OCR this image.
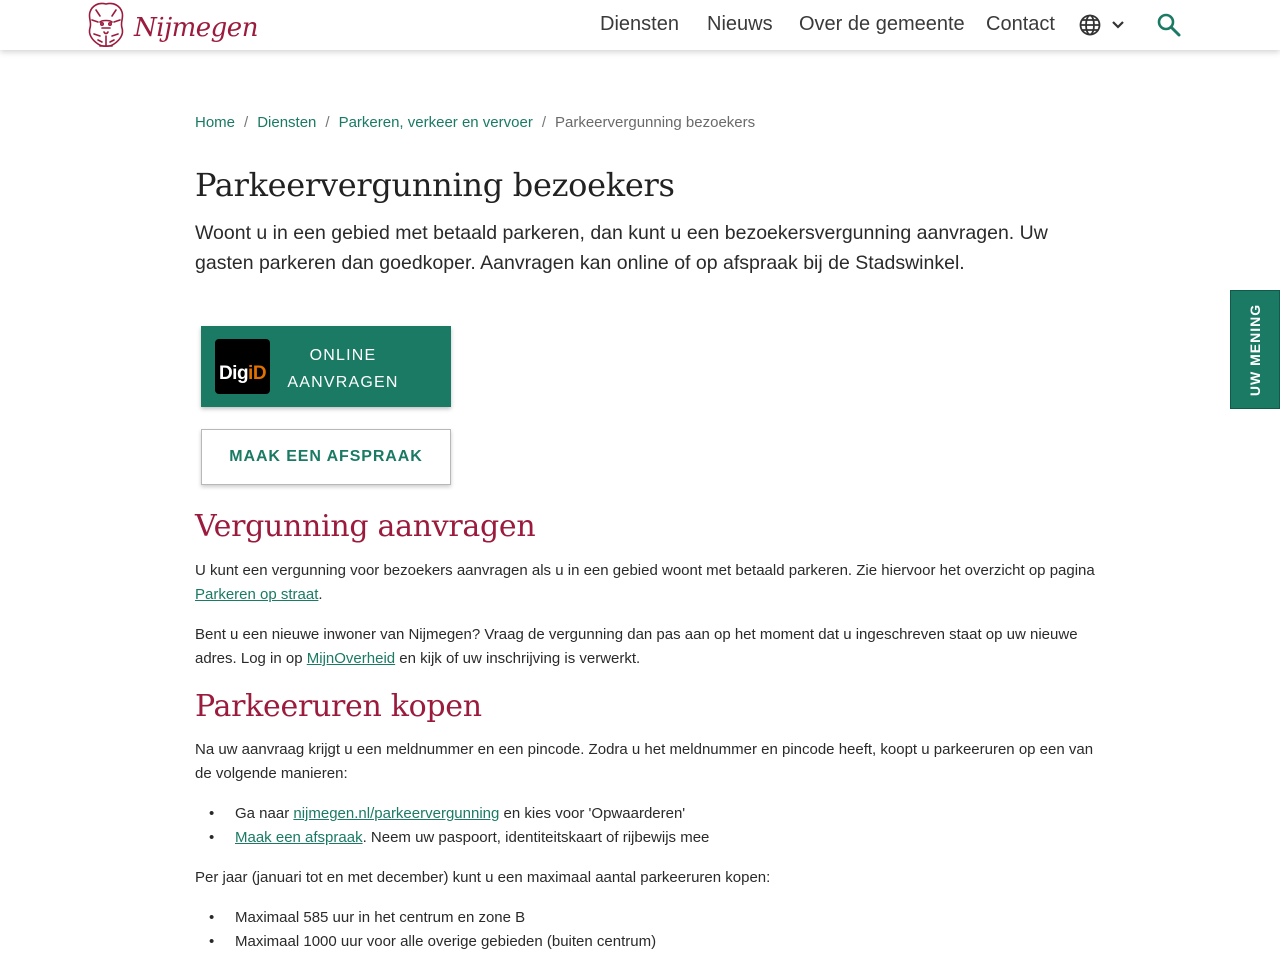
Nijmegen	Diensten Nieuws Over de gemeente Contact
Home / Diensten / Parkeren, verkeer en vervoer / Parkeervergunning bezoekers
Parkeervergunning bezoekers

Woont u in een gebied met betaald parkeren, dan kunt u een bezoekersvergunning aanvragen. Uw gasten parkeren dan goedkoper. Aanvragen kan online of op afspraak bij de Stadswinkel.

DigiD
ONLINE
AANVRAGEN
MAAK EEN AFSPRAAK
Vergunning aanvragen

U kunt een vergunning voor bezoekers aanvragen als u in een gebied woont met betaald parkeren. Zie hiervoor het overzicht op pagina Parkeren op straat.

Bent u een nieuwe inwoner van Nijmegen? Vraag de vergunning dan pas aan op het moment dat u ingeschreven staat op uw nieuwe adres. Log in op MijnOverheid en kijk of uw inschrijving is verwerkt.

Parkeeruren kopen

Na uw aanvraag krijgt u een meldnummer en een pincode. Zodra u het meldnummer en pincode heeft, koopt u parkeeruren op een van de volgende manieren:

• Ga naar nijmegen.nl/parkeervergunning en kies voor 'Opwaarderen'
• Maak een afspraak. Neem uw paspoort, identiteitskaart of rijbewijs mee

Per jaar (januari tot en met december) kunt u een maximaal aantal parkeeruren kopen:

• Maximaal 585 uur in het centrum en zone B
• Maximaal 1000 uur voor alle overige gebieden (buiten centrum)
UW MENING
